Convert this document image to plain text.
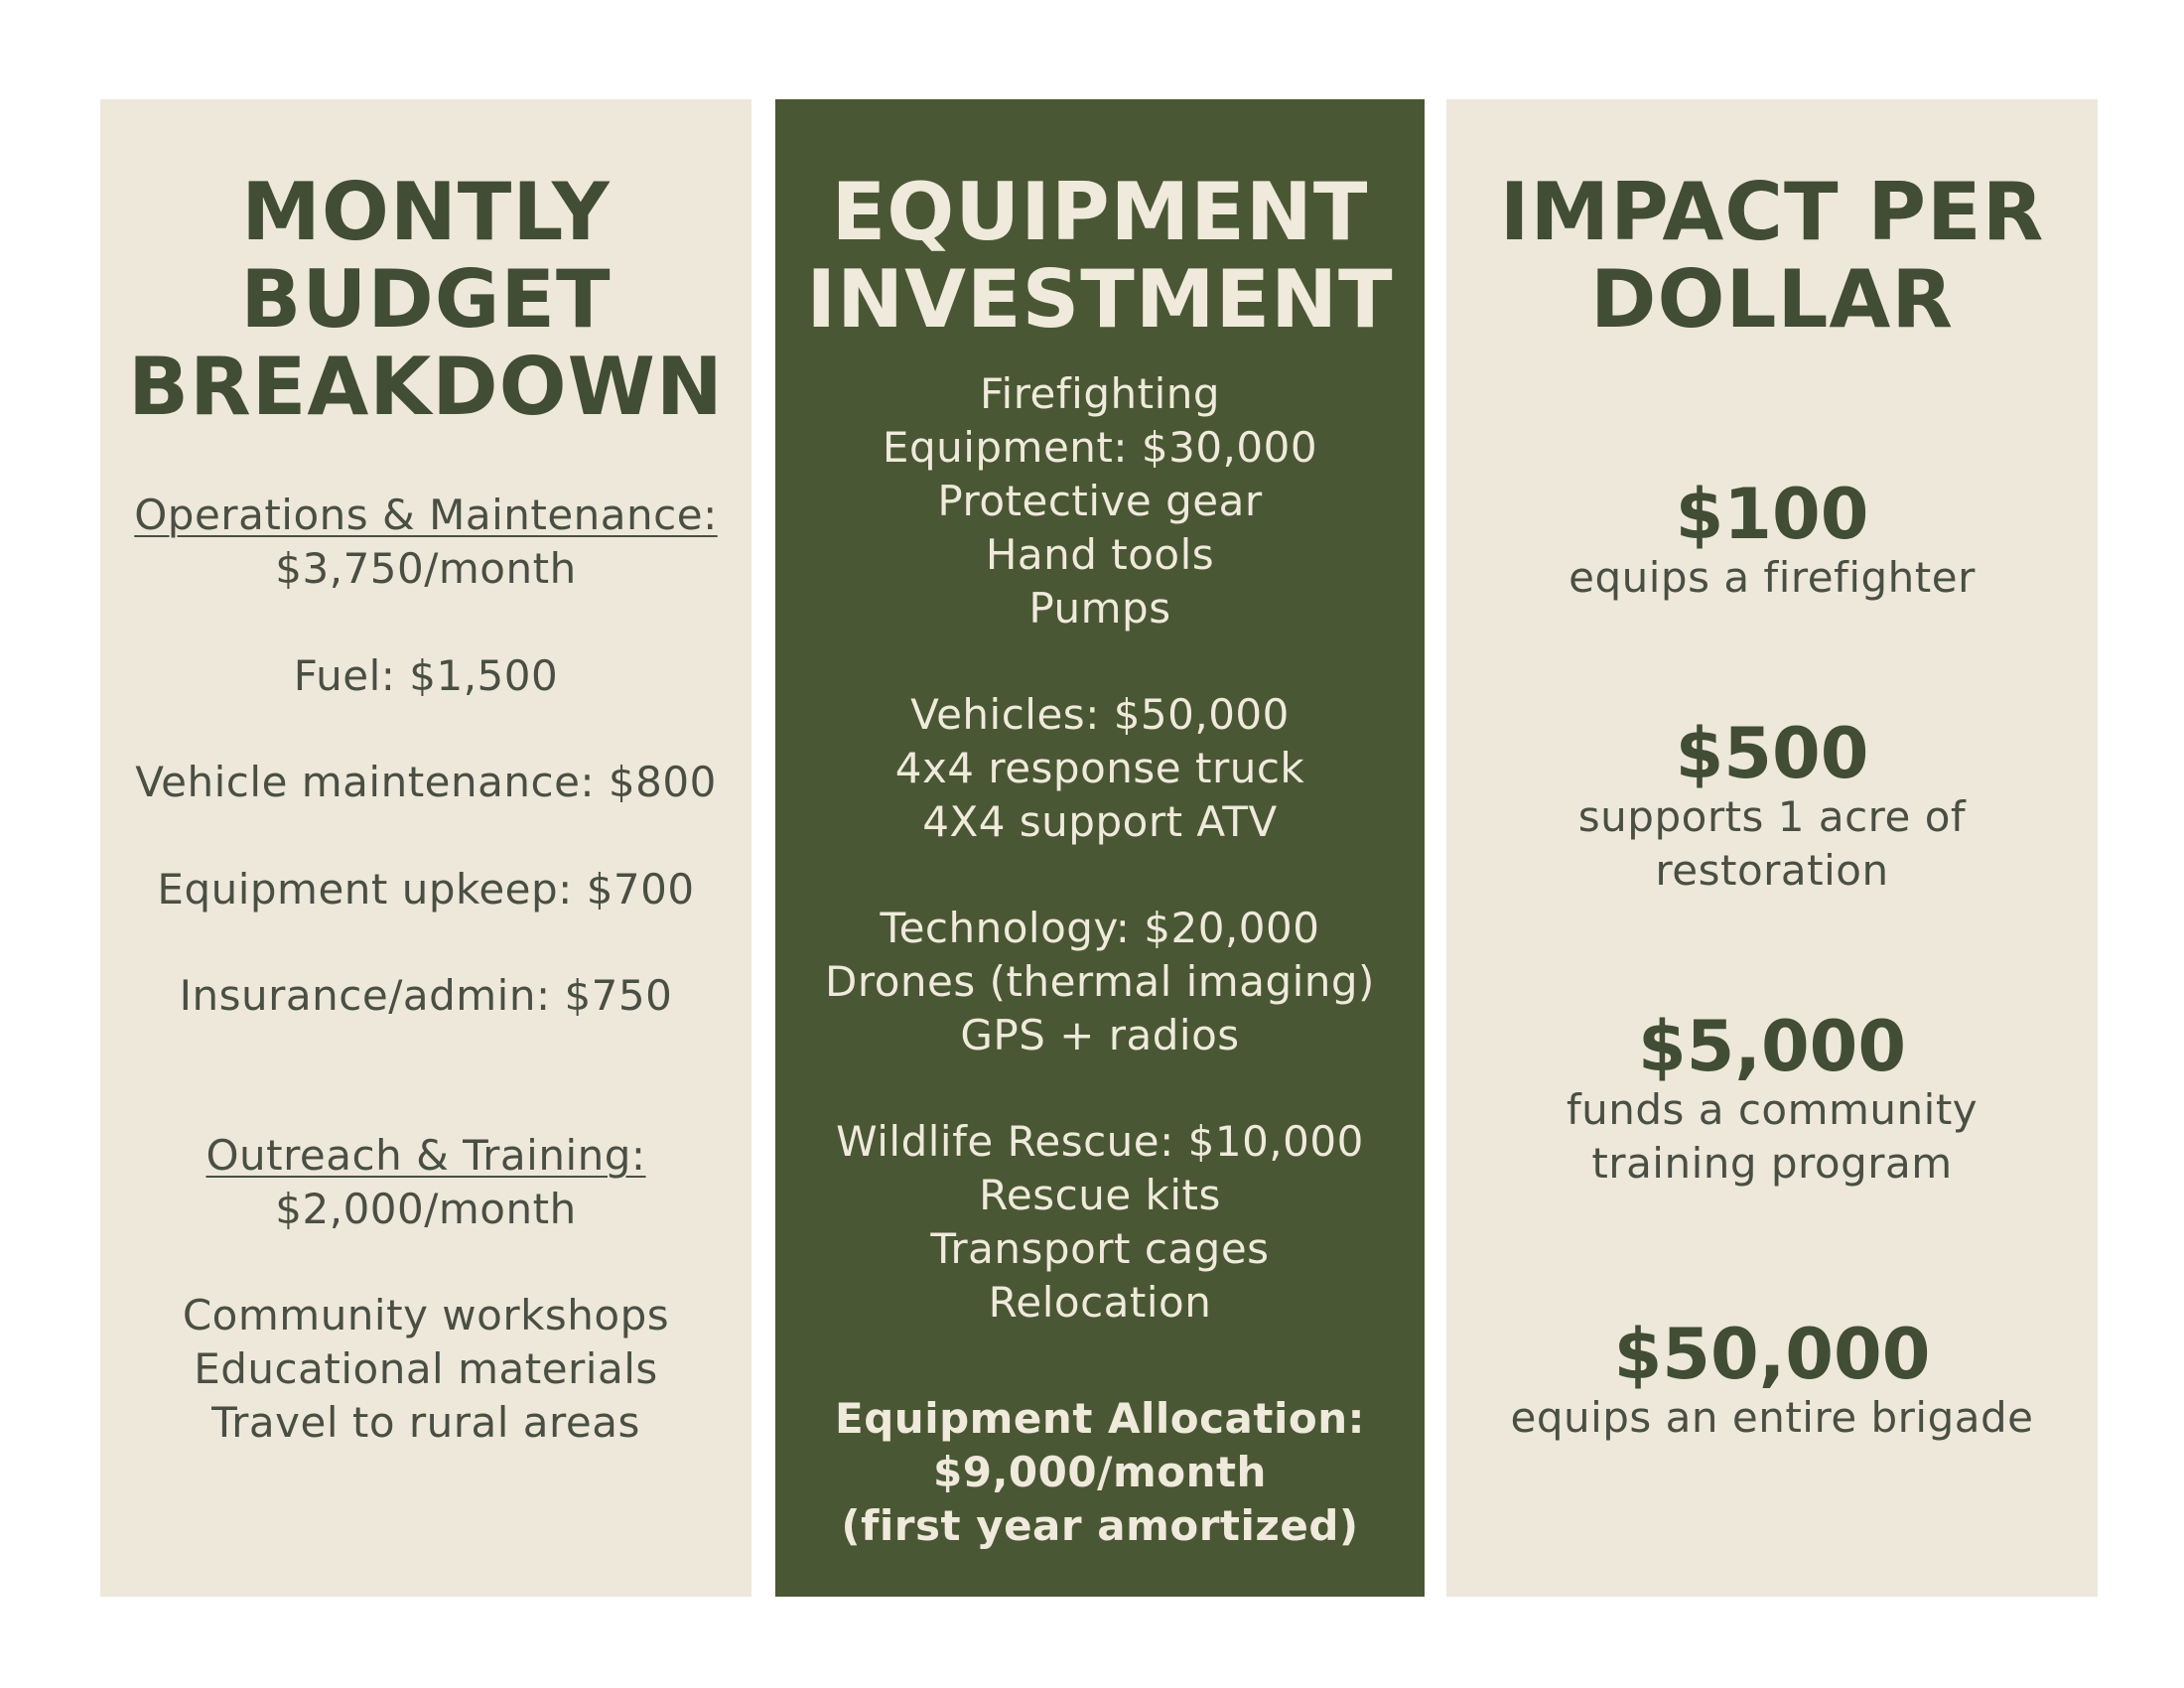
MONTLY
BUDGET
BREAKDOWN
Operations & Maintenance:
$3,750/month
Fuel: $1,500
Vehicle maintenance: $800
Equipment upkeep: $700
Insurance/admin: $750
Outreach & Training:
$2,000/month
Community workshops
Educational materials
Travel to rural areas
EQUIPMENT
INVESTMENT
Firefighting
Equipment: $30,000
Protective gear
Hand tools
Pumps
Vehicles: $50,000
4x4 response truck
4X4 support ATV
Technology: $20,000
Drones (thermal imaging)
GPS + radios
Wildlife Rescue: $10,000
Rescue kits
Transport cages
Relocation
Equipment Allocation:
$9,000/month
(first year amortized)
IMPACT PER
DOLLAR
$100
equips a firefighter
$500
supports 1 acre of
restoration
$5,000
funds a community
training program
$50,000
equips an entire brigade
